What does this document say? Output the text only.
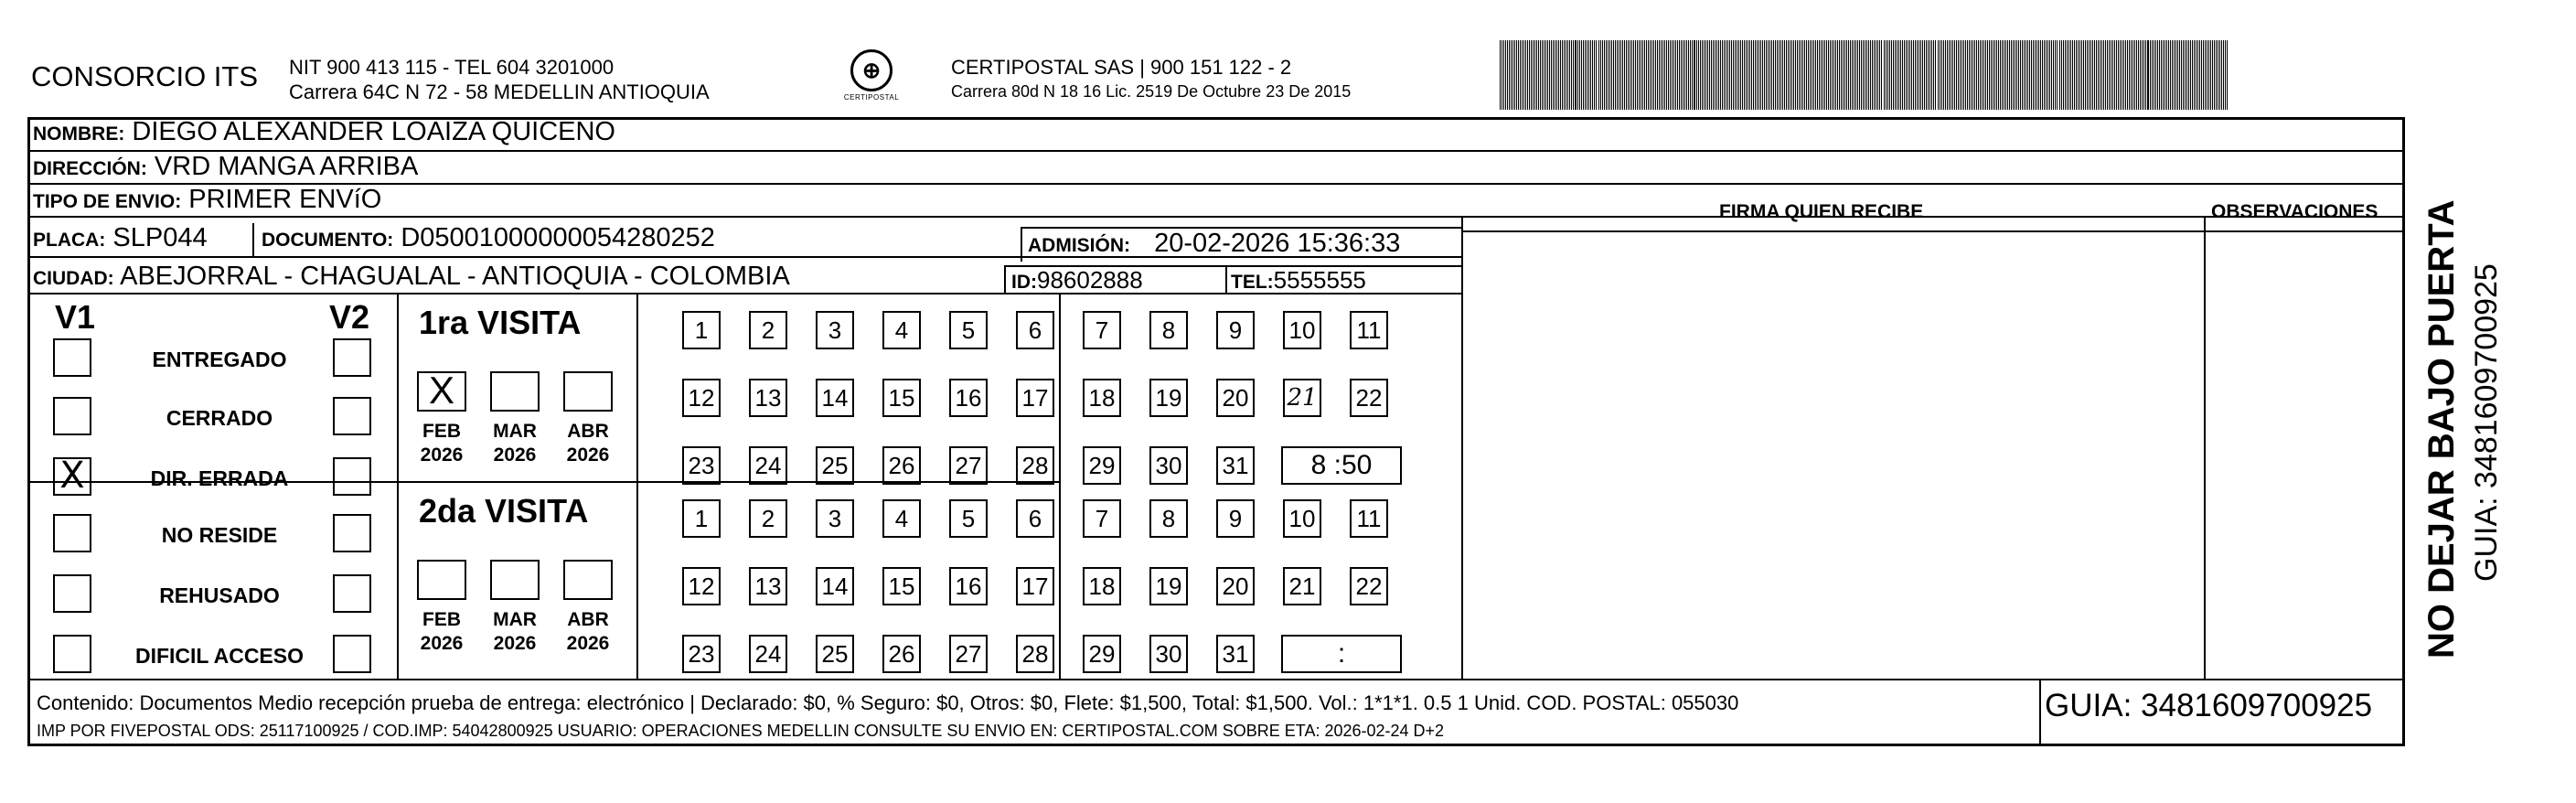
CONSORCIO ITS NIT 900 413 115 - TEL 604 3201000
Carrera 64C N 72 - 58 MEDELLIN ANTIOQUIA
⊕
CERTIPOSTAL
CERTIPOSTAL SAS | 900 151 122 - 2
Carrera 80d N 18 16 Lic. 2519 De Octubre 23 De 2015
NOMBRE: DIEGO ALEXANDER LOAIZA QUICENO
DIRECCIÓN: VRD MANGA ARRIBA
TIPO DE ENVIO: PRIMER ENVíO
PLACA: SLP044	DOCUMENTO: D05001000000054280252	ADMISIÓN: 20-02-2026 15:36:33
CIUDAD: ABEJORRAL - CHAGUALAL - ANTIOQUIA - COLOMBIA	ID:98602888	TEL:5555555
FIRMA QUIEN RECIBE	OBSERVACIONES
V1	V2
ENTREGADO
CERRADO
X	DIR. ERRADA
NO RESIDE
REHUSADO
DIFICIL ACCESO
1ra VISITA
X
FEB
2026
MAR
2026
ABR
2026
1	2	3	4	5	6	7	8	9	10 11
12 13 14 15 16 17 18 19 20 21 22
23 24 25 26 27 28 29 30 31	8 :50
2da VISITA
FEB
2026
MAR
2026
ABR
2026
1	2	3	4	5	6	7	8	9	10 11
12 13 14 15 16 17 18 19 20 21 22
23 24 25 26 27 28 29 30 31	:
Contenido: Documentos Medio recepción prueba de entrega: electrónico | Declarado: $0, % Seguro: $0, Otros: $0, Flete: $1,500, Total: $1,500. Vol.: 1*1*1. 0.5 1 Unid. COD. POSTAL: 055030
IMP POR FIVEPOSTAL ODS: 25117100925 / COD.IMP: 54042800925 USUARIO: OPERACIONES MEDELLIN CONSULTE SU ENVIO EN: CERTIPOSTAL.COM SOBRE ETA: 2026-02-24 D+2
GUIA: 3481609700925
NO DEJAR BAJO PUERTA GUIA: 3481609700925
